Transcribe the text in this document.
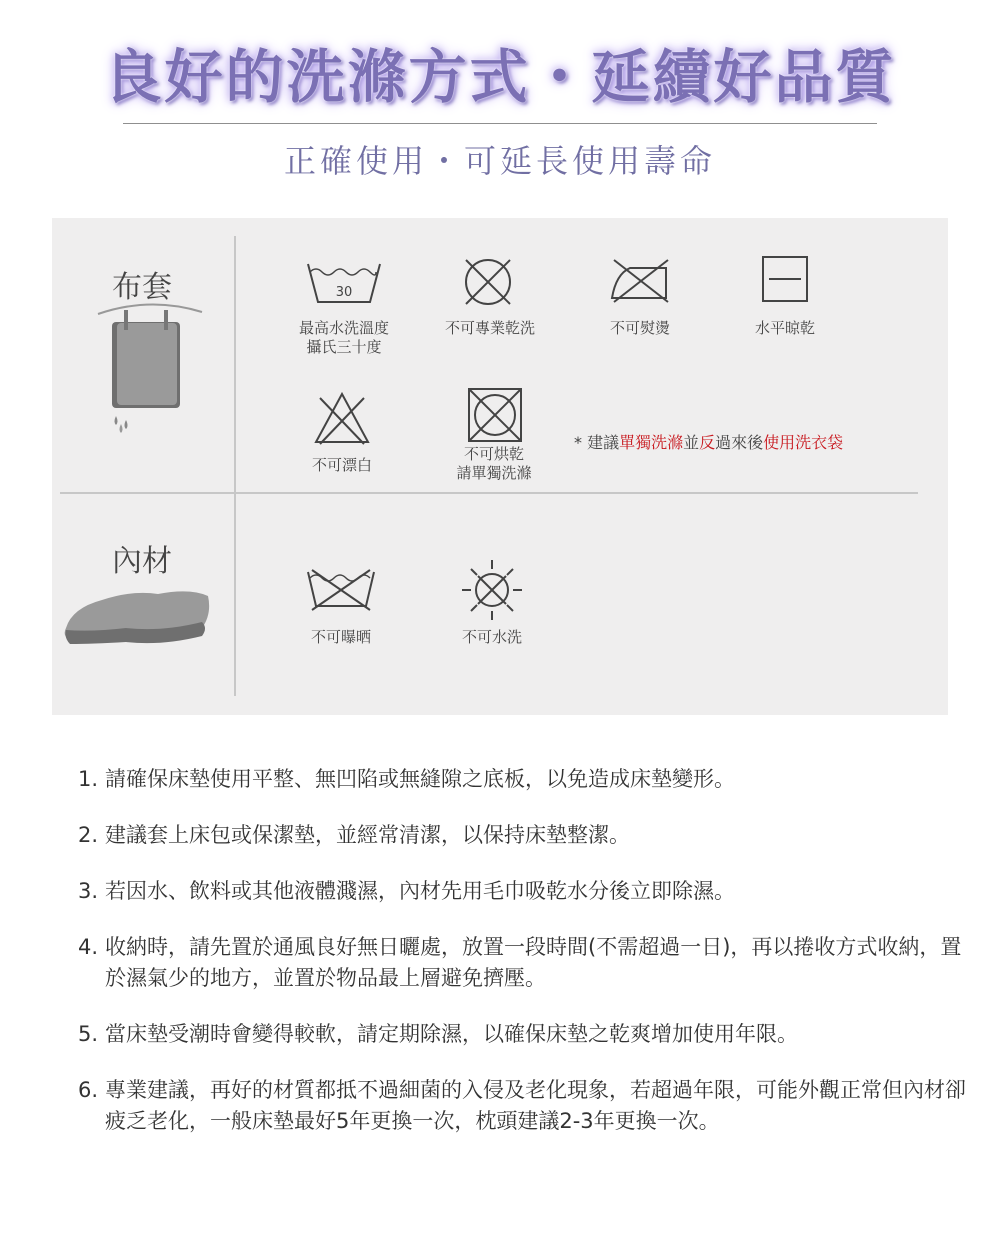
良好的洗滌方式・延續好品質
正確使用・可延長使用壽命
布套	30
最高水洗溫度
攝氏三十度
不可專業乾洗	不可熨燙	水平晾乾
不可漂白
不可烘乾
請單獨洗滌
* 建議單獨洗滌並反過來後使用洗衣袋
內材
不可曝晒	不可水洗
1. 請確保床墊使用平整、無凹陷或無縫隙之底板，以免造成床墊變形。
2. 建議套上床包或保潔墊，並經常清潔，以保持床墊整潔。
3. 若因水、飲料或其他液體濺濕，內材先用毛巾吸乾水分後立即除濕。
4. 收納時，請先置於通風良好無日曬處，放置一段時間(不需超過一日)，再以捲收方式收納，置於濕氣少的地方，並置於物品最上層避免擠壓。
5. 當床墊受潮時會變得較軟，請定期除濕，以確保床墊之乾爽增加使用年限。
6. 專業建議，再好的材質都抵不過細菌的入侵及老化現象，若超過年限，可能外觀正常但內材卻疲乏老化，一般床墊最好5年更換一次，枕頭建議2-3年更換一次。
